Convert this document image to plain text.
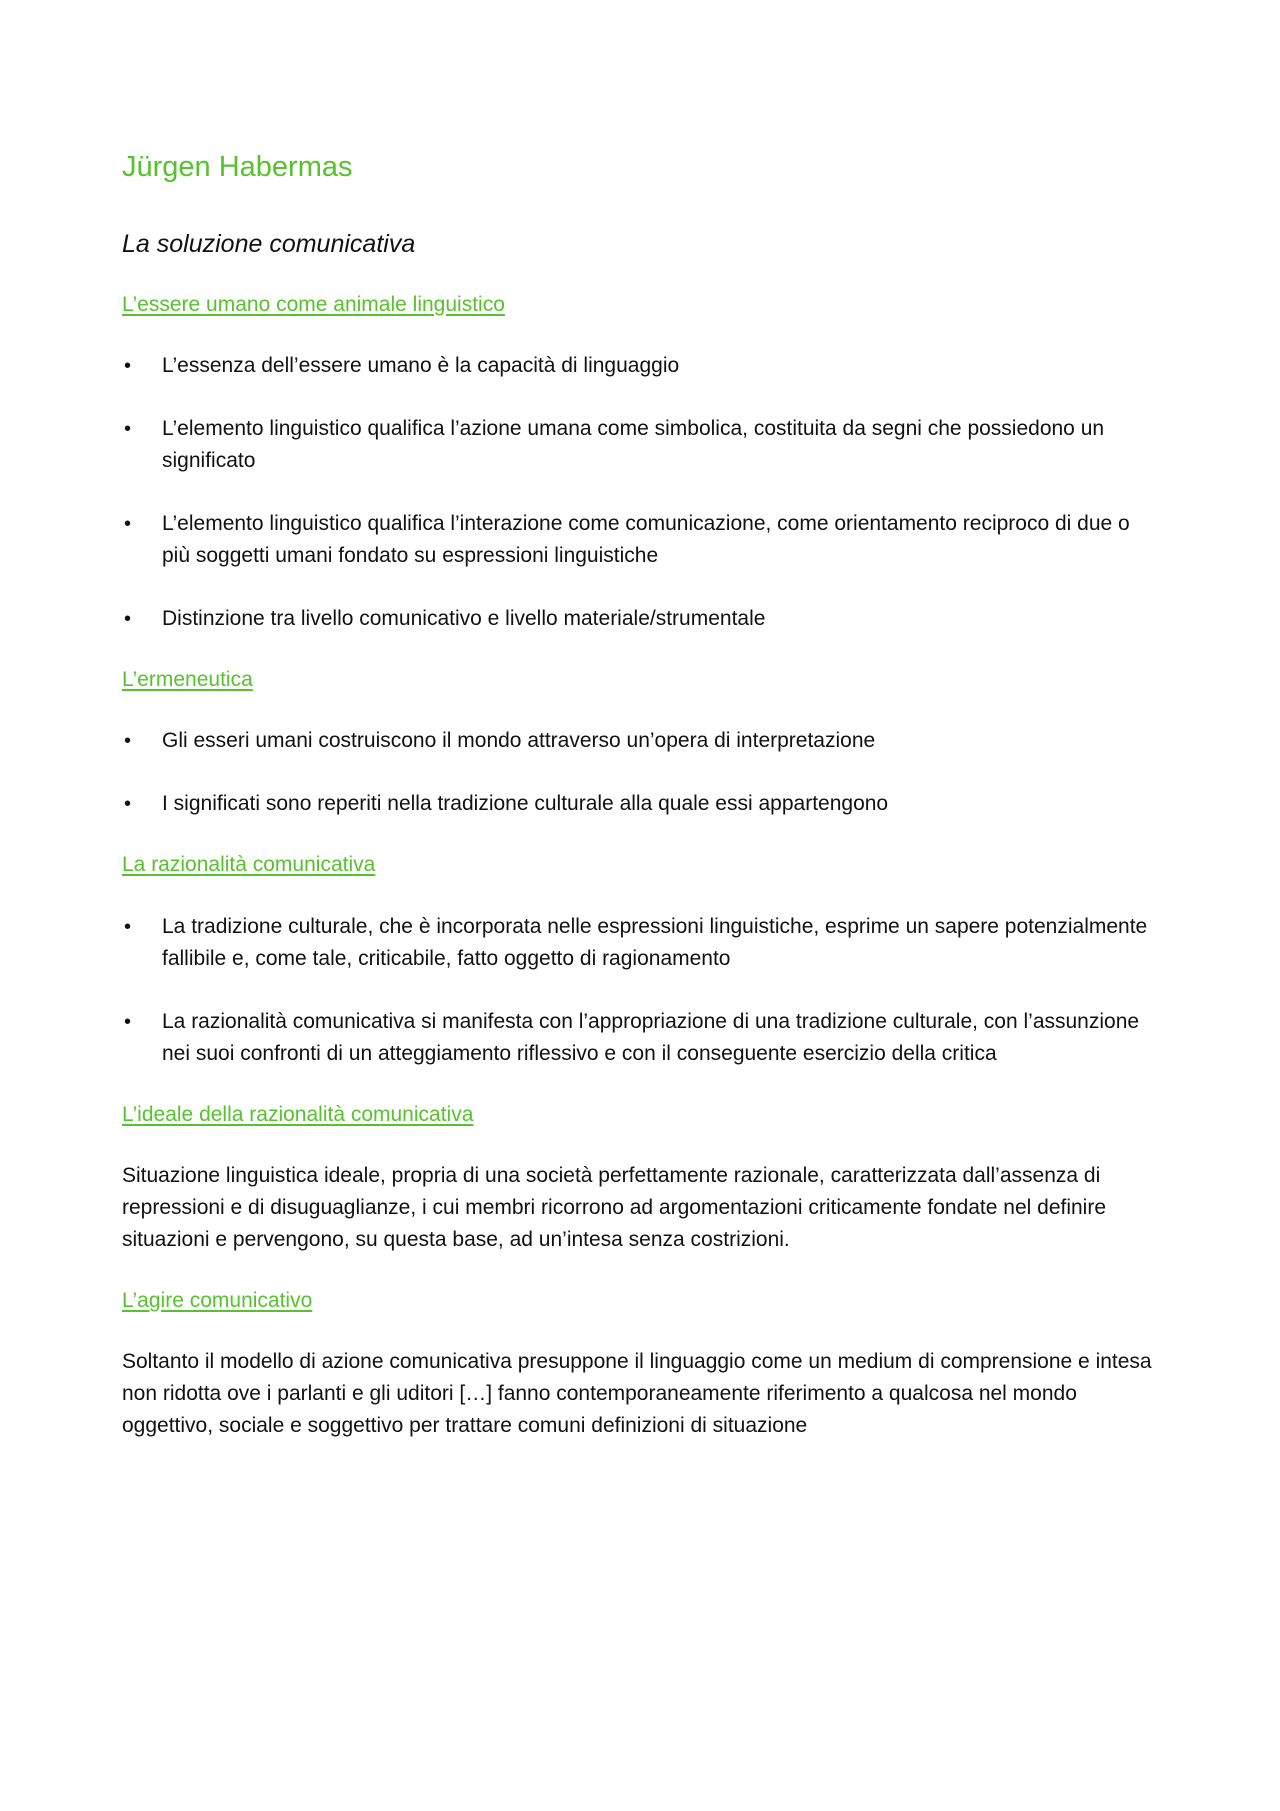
Jürgen Habermas
La soluzione comunicativa
L’essere umano come animale linguistico
• L’essenza dell’essere umano è la capacità di linguaggio
• L’elemento linguistico qualifica l’azione umana come simbolica, costituita da segni che possiedono un significato
• L’elemento linguistico qualifica l’interazione come comunicazione, come orientamento reciproco di due o più soggetti umani fondato su espressioni linguistiche
• Distinzione tra livello comunicativo e livello materiale/strumentale
L’ermeneutica
• Gli esseri umani costruiscono il mondo attraverso un’opera di interpretazione
• I significati sono reperiti nella tradizione culturale alla quale essi appartengono
La razionalità comunicativa
• La tradizione culturale, che è incorporata nelle espressioni linguistiche, esprime un sapere potenzialmente fallibile e, come tale, criticabile, fatto oggetto di ragionamento
• La razionalità comunicativa si manifesta con l’appropriazione di una tradizione culturale, con l’assunzione nei suoi confronti di un atteggiamento riflessivo e con il conseguente esercizio della critica
L’ideale della razionalità comunicativa

Situazione linguistica ideale, propria di una società perfettamente razionale, caratterizzata dall’assenza di repressioni e di disuguaglianze, i cui membri ricorrono ad argomentazioni criticamente fondate nel definire situazioni e pervengono, su questa base, ad un’intesa senza costrizioni.

L’agire comunicativo

Soltanto il modello di azione comunicativa presuppone il linguaggio come un medium di comprensione e intesa non ridotta ove i parlanti e gli uditori […] fanno contemporaneamente riferimento a qualcosa nel mondo oggettivo, sociale e soggettivo per trattare comuni definizioni di situazione
